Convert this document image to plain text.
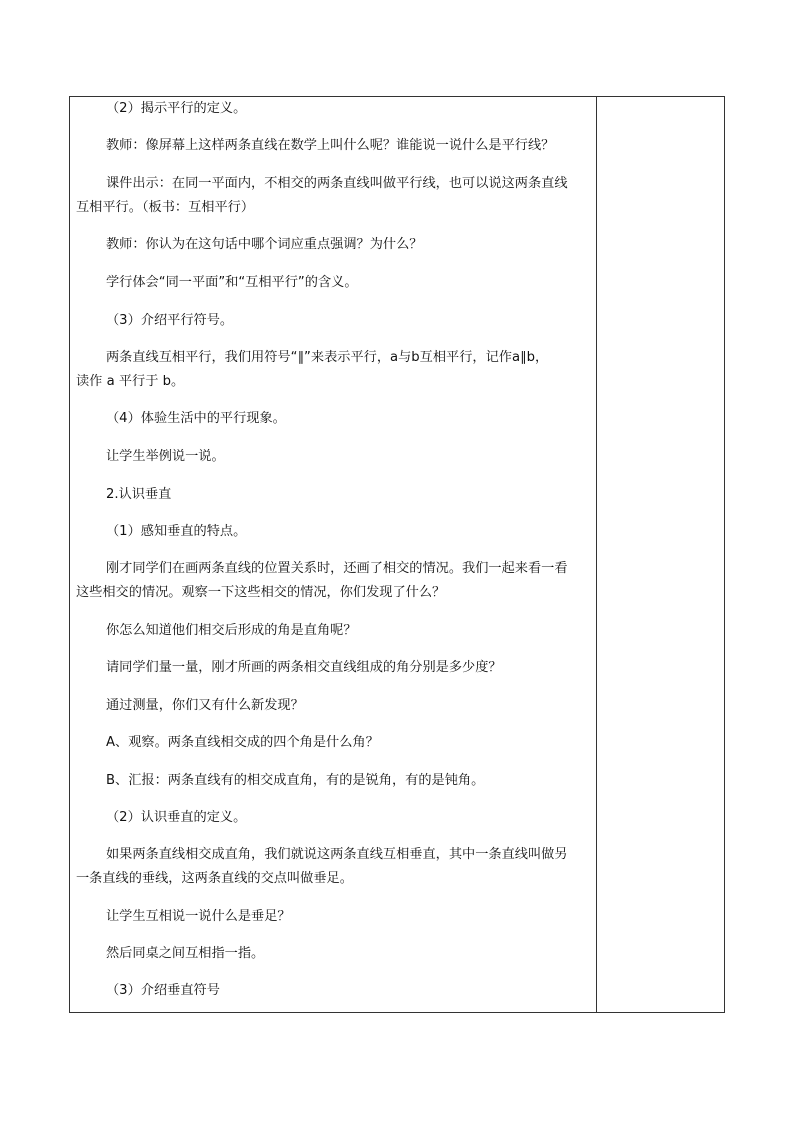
（2）揭示平行的定义。
教师：像屏幕上这样两条直线在数学上叫什么呢？谁能说一说什么是平行线？
课件出示：在同一平面内，不相交的两条直线叫做平行线，也可以说这两条直线
互相平行。（板书：互相平行）
教师：你认为在这句话中哪个词应重点强调？为什么？
学行体会“同一平面”和“互相平行”的含义。
（3）介绍平行符号。
两条直线互相平行，我们用符号“∥”来表示平行，a与b互相平行，记作a∥b，
读作 a 平行于 b。
（4）体验生活中的平行现象。
让学生举例说一说。
2.认识垂直
（1）感知垂直的特点。
刚才同学们在画两条直线的位置关系时，还画了相交的情况。我们一起来看一看
这些相交的情况。观察一下这些相交的情况，你们发现了什么？
你怎么知道他们相交后形成的角是直角呢？
请同学们量一量，刚才所画的两条相交直线组成的角分别是多少度？
通过测量，你们又有什么新发现？
A、观察。两条直线相交成的四个角是什么角？
B、汇报：两条直线有的相交成直角，有的是锐角，有的是钝角。
（2）认识垂直的定义。
如果两条直线相交成直角，我们就说这两条直线互相垂直，其中一条直线叫做另
一条直线的垂线，这两条直线的交点叫做垂足。
让学生互相说一说什么是垂足？
然后同桌之间互相指一指。
（3）介绍垂直符号
